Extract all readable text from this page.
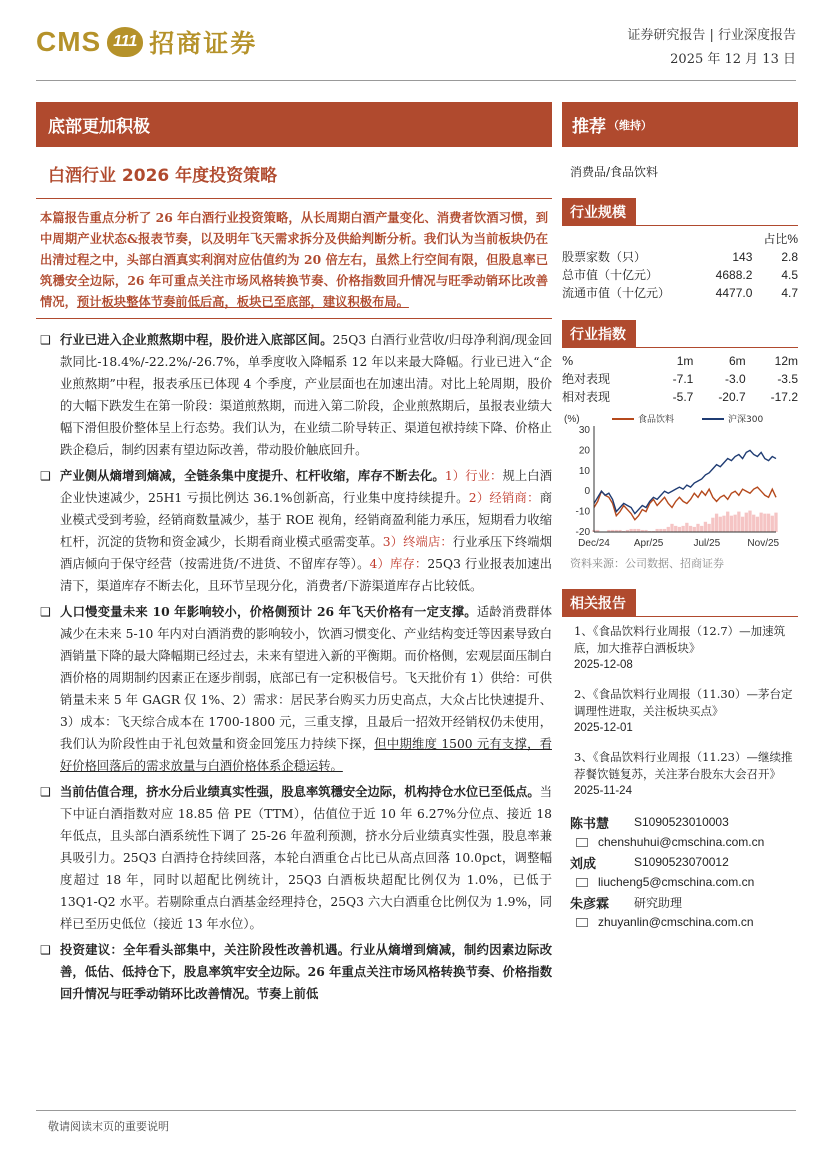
CMS 111 招商证券	证券研究报告 | 行业深度报告
2025 年 12 月 13 日
底部更加积极
白酒行业 2026 年度投资策略
本篇报告重点分析了 26 年白酒行业投资策略，从长周期白酒产量变化、消费者饮酒习惯，到中周期产业状态&报表节奏，以及明年飞天需求拆分及供給判断分析。我们认为当前板块仍在出清过程之中，头部白酒真实利润对应估值约为 20 倍左右，虽然上行空间有限，但股息率已筑穩安全边际，26 年可重点关注市场风格转换节奏、价格指数回升情况与旺季动销环比改善情况，预计板块整体节奏前低后高，板块已至底部，建议积极布局。
❑ 行业已进入企业煎熬期中程，股价进入底部区间。25Q3 白酒行业营收/归母净利润/现金回款同比-18.4%/-22.2%/-26.7%，单季度收入降幅系 12 年以来最大降幅。行业已进入“企业煎熬期”中程，报表承压已体现 4 个季度，产业层面也在加速出清。对比上轮周期，股价的大幅下跌发生在第一阶段：渠道煎熬期，而进入第二阶段，企业煎熬期后，虽报表业绩大幅下滑但股价整体呈上行态势。我们认为，在业绩二阶导转正、渠道包袱持续下降、价格止跌企稳后，制约因素有望边际改善，带动股价触底回升。
❑ 产业侧从熵增到熵减，全链条集中度提升、杠杆收缩，库存不断去化。1）行业：规上白酒企业快速减少，25H1 亏损比例达 36.1%创新高，行业集中度持续提升。2）经销商：商业模式受到考验，经销商数量减少，基于 ROE 视角，经销商盈利能力承压，短期看力收缩杠杆，沉淀的货物和资金减少，长期看商业模式亟需变革。3）终端店：行业承压下终端烟酒店倾向于保守经营（按需进货/不进货、不留库存等）。4）库存：25Q3 行业报表加速出清下，渠道库存不断去化，且环节呈现分化，消费者/下游渠道库存占比较低。
❑ 人口慢变量未来 10 年影响较小，价格侧预计 26 年飞天价格有一定支撑。适龄消费群体减少在未来 5-10 年内对白酒消费的影响较小，饮酒习惯变化、产业结构变迁等因素导致白酒销量下降的最大降幅期已经过去，未来有望进入新的平衡期。而价格侧，宏观层面压制白酒价格的周期制约因素正在逐步削弱，底部已有一定积极信号。飞天批价有 1）供给：可供销量未来 5 年 GAGR 仅 1%、2）需求：居民茅台购买力历史高点，大众占比快速提升、3）成本：飞天综合成本在 1700-1800 元，三重支撑，且最后一招效开经销权仍未使用，我们认为阶段性由于礼包效量和资金回笼压力持续下探，但中期维度 1500 元有支撑，看好价格回落后的需求放量与白酒价格体系企穏运转。
❑ 当前估值合理，挤水分后业绩真实性强，股息率筑穩安全边际，机构持仓水位已至低点。当下中证白酒指数对应 18.85 倍 PE（TTM），估值位于近 10 年 6.27%分位点、接近 18 年低点，且头部白酒系统性下调了 25-26 年盈利预测，挤水分后业绩真实性强，股息率兼具吸引力。25Q3 白酒持仓持续回落，本轮白酒重仓占比已从高点回落 10.0pct，调整幅度超过 18 年，同时以超配比例统计，25Q3 白酒板块超配比例仅为 1.0%，已低于 13Q1-Q2 水平。若剔除重点白酒基金经理持仓，25Q3 六大白酒重仓比例仅为 1.9%，同样已至历史低位（接近 13 年水位）。
❑ 投资建议：全年看头部集中，关注阶段性改善机遇。行业从熵增到熵减，制约因素边际改善，低估、低持仓下，股息率筑牢安全边际。26 年重点关注市场风格转换节奏、价格指数回升情况与旺季动销环比改善情况。节奏上前低
推荐 （维持）
消费品/食品饮料
行业规模
		占比%
股票家数（只）	143	2.8
总市值（十亿元）	4688.2	4.5
流通市值（十亿元）	4477.0	4.7
行业指数
%	1m	6m	12m
绝对表现	-7.1	-3.0	-3.5
相对表现	-5.7	-20.7	-17.2
(%)	食品饮料	沪深300
30
20
10
0
-10
-20
Dec/24 Apr/25	Jul/25	Nov/25
资料来源：公司数据、招商证券
相关报告
1、《食品饮料行业周报（12.7）—加速筑底，加大推荐白酒板块》
2025-12-08
2、《食品饮料行业周报（11.30）—茅台定调理性进取，关注板块买点》
2025-12-01
3、《食品饮料行业周报（11.23）—继续推荐餐饮链复苏，关注茅台股东大会召开》
2025-11-24
陈书慧	S1090523010003
chenshuhui@cmschina.com.cn
刘成	S1090523070012
liucheng5@cmschina.com.cn
朱彦霖	研究助理
zhuyanlin@cmschina.com.cn
敬请阅读末页的重要说明
